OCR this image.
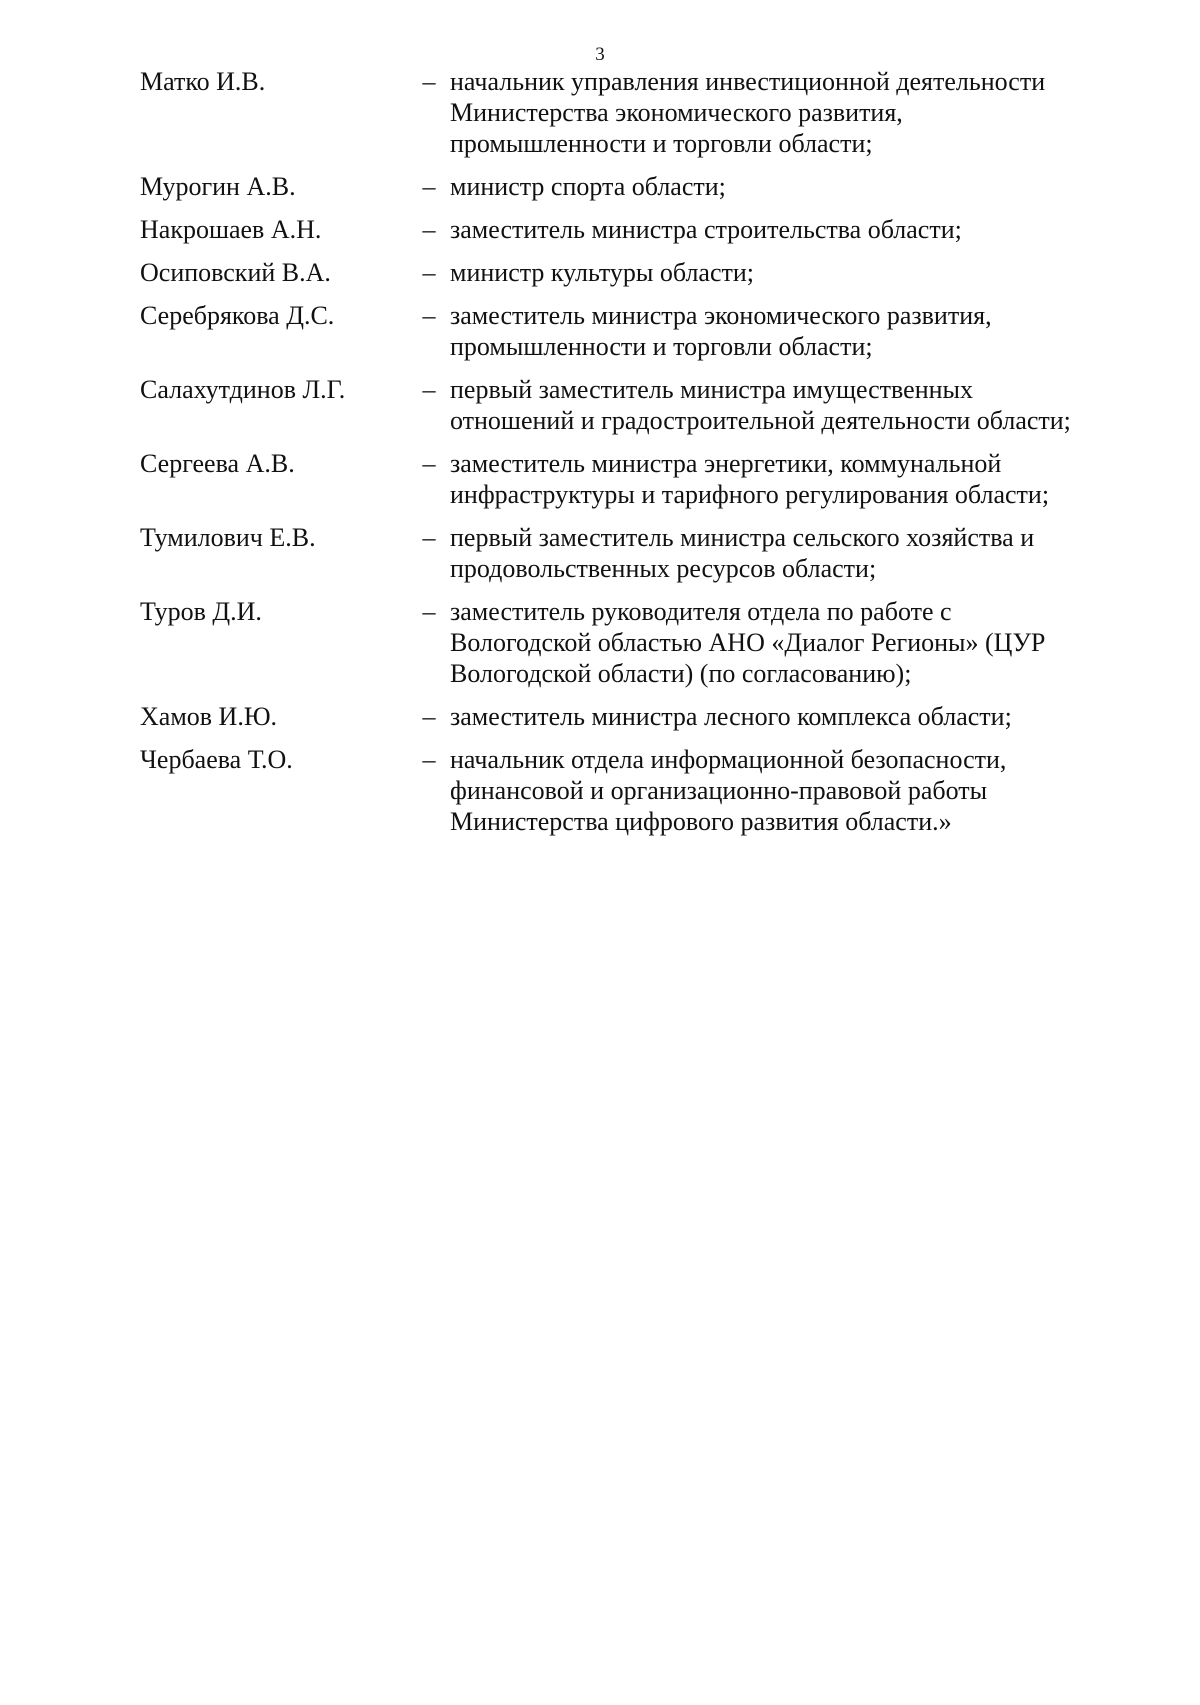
3
Матко И.В.	– начальник управления инвестиционной деятельности
Министерства экономического развития,
промышленности и торговли области;
Мурогин А.В.	– министр спорта области;
Накрошаев А.Н.	– заместитель министра строительства области;
Осиповский В.А.	– министр культуры области;
Серебрякова Д.С.	– заместитель министра экономического развития,
промышленности и торговли области;
Салахутдинов Л.Г.	– первый заместитель министра имущественных
отношений и градостроительной деятельности области;
Сергеева А.В.	– заместитель министра энергетики, коммунальной
инфраструктуры и тарифного регулирования области;
Тумилович Е.В.	– первый заместитель министра сельского хозяйства и
продовольственных ресурсов области;
Туров Д.И.	– заместитель руководителя отдела по работе с
Вологодской областью АНО «Диалог Регионы» (ЦУР
Вологодской области) (по согласованию);
Хамов И.Ю.	– заместитель министра лесного комплекса области;
Чербаева Т.О.	– начальник отдела информационной безопасности,
финансовой и организационно-правовой работы
Министерства цифрового развития области.»
